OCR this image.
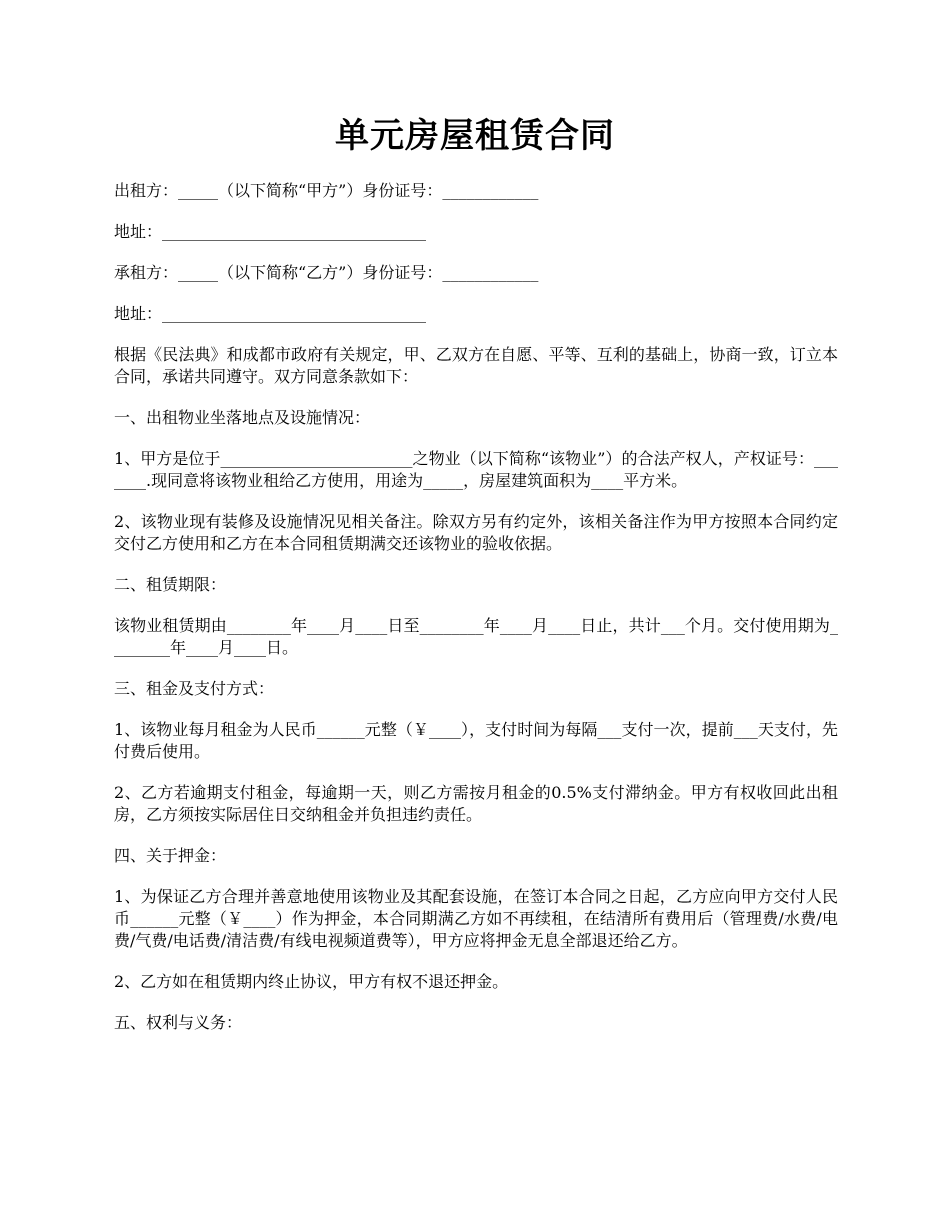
单元房屋租赁合同

出租方：_____（以下简称“甲方”）身份证号：____________

地址：_________________________________

承租方：_____（以下简称“乙方”）身份证号：____________

地址：_________________________________

根据《民法典》和成都市政府有关规定，甲、乙双方在自愿、平等、互利的基础上，协商一致，订立本合同，承诺共同遵守。双方同意条款如下：

一、出租物业坐落地点及设施情况：

1、甲方是位于________________________之物业（以下简称“该物业”）的合法产权人，产权证号：_______.现同意将该物业租给乙方使用，用途为_____，房屋建筑面积为____平方米。

2、该物业现有装修及设施情况见相关备注。除双方另有约定外，该相关备注作为甲方按照本合同约定交付乙方使用和乙方在本合同租赁期满交还该物业的验收依据。

二、租赁期限：

该物业租赁期由________年____月____日至________年____月____日止，共计___个月。交付使用期为________年____月____日。

三、租金及支付方式：

1、该物业每月租金为人民币______元整（￥____），支付时间为每隔___支付一次，提前___天支付，先付费后使用。

2、乙方若逾期支付租金，每逾期一天，则乙方需按月租金的0.5%支付滞纳金。甲方有权收回此出租房，乙方须按实际居住日交纳租金并负担违约责任。

四、关于押金：

1、为保证乙方合理并善意地使用该物业及其配套设施，在签订本合同之日起，乙方应向甲方交付人民币______元整（￥____）作为押金，本合同期满乙方如不再续租，在结清所有费用后（管理费/水费/电费/气费/电话费/清洁费/有线电视频道费等），甲方应将押金无息全部退还给乙方。

2、乙方如在租赁期内终止协议，甲方有权不退还押金。

五、权利与义务：
